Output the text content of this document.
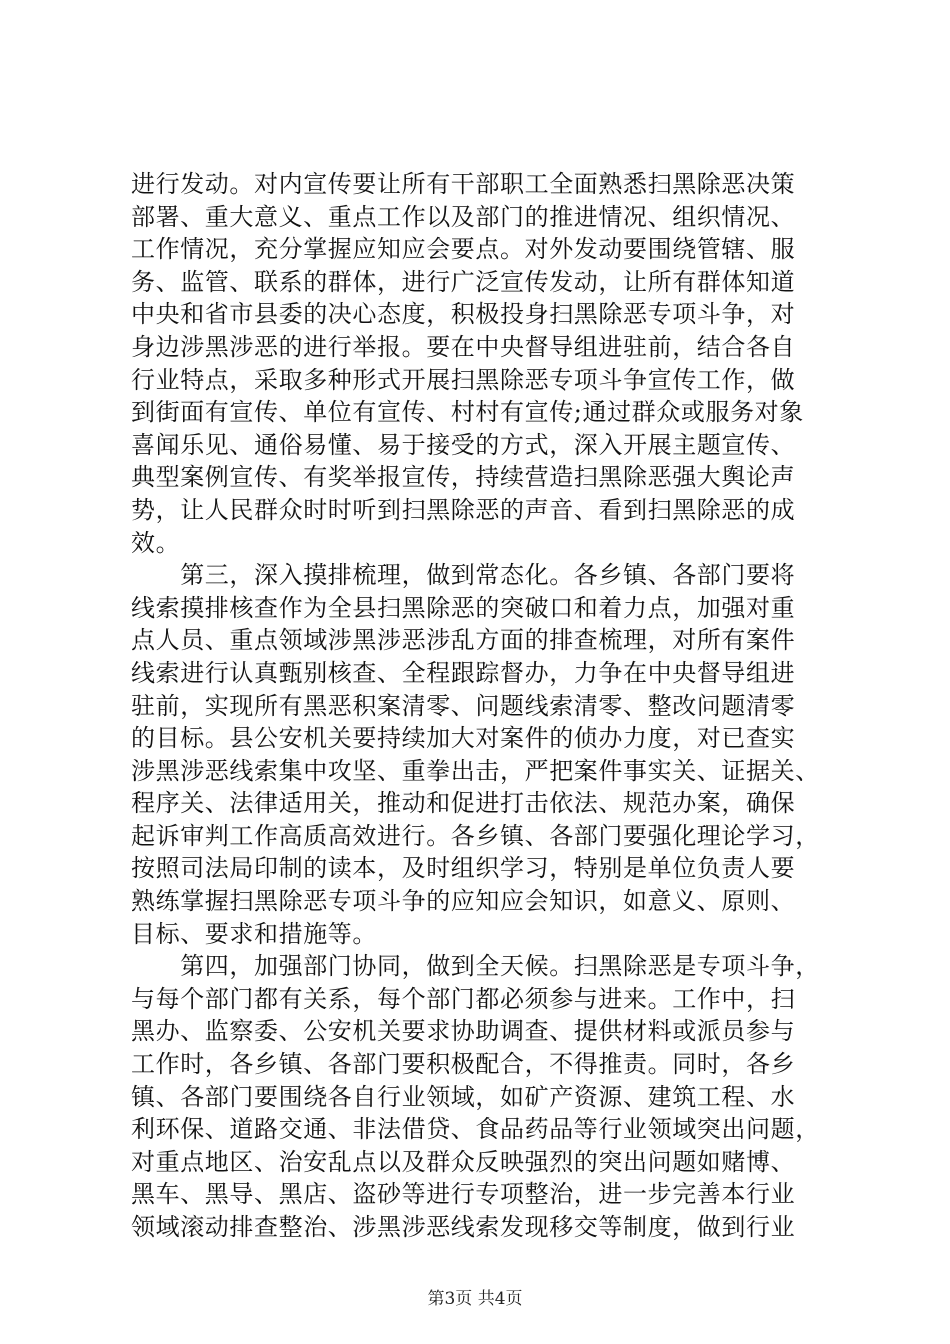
进行发动。对内宣传要让所有干部职工全面熟悉扫黑除恶决策
部署、重大意义、重点工作以及部门的推进情况、组织情况、
工作情况，充分掌握应知应会要点。对外发动要围绕管辖、服
务、监管、联系的群体，进行广泛宣传发动，让所有群体知道
中央和省市县委的决心态度，积极投身扫黑除恶专项斗争，对
身边涉黑涉恶的进行举报。要在中央督导组进驻前，结合各自
行业特点，采取多种形式开展扫黑除恶专项斗争宣传工作，做
到街面有宣传、单位有宣传、村村有宣传;通过群众或服务对象
喜闻乐见、通俗易懂、易于接受的方式，深入开展主题宣传、
典型案例宣传、有奖举报宣传，持续营造扫黑除恶强大舆论声
势，让人民群众时时听到扫黑除恶的声音、看到扫黑除恶的成
效。
　　第三，深入摸排梳理，做到常态化。各乡镇、各部门要将
线索摸排核查作为全县扫黑除恶的突破口和着力点，加强对重
点人员、重点领域涉黑涉恶涉乱方面的排查梳理，对所有案件
线索进行认真甄别核查、全程跟踪督办，力争在中央督导组进
驻前，实现所有黑恶积案清零、问题线索清零、整改问题清零
的目标。县公安机关要持续加大对案件的侦办力度，对已查实
涉黑涉恶线索集中攻坚、重拳出击，严把案件事实关、证据关、
程序关、法律适用关，推动和促进打击依法、规范办案，确保
起诉审判工作高质高效进行。各乡镇、各部门要强化理论学习，
按照司法局印制的读本，及时组织学习，特别是单位负责人要
熟练掌握扫黑除恶专项斗争的应知应会知识，如意义、原则、
目标、要求和措施等。
　　第四，加强部门协同，做到全天候。扫黑除恶是专项斗争，
与每个部门都有关系，每个部门都必须参与进来。工作中，扫
黑办、监察委、公安机关要求协助调查、提供材料或派员参与
工作时，各乡镇、各部门要积极配合，不得推责。同时，各乡
镇、各部门要围绕各自行业领域，如矿产资源、建筑工程、水
利环保、道路交通、非法借贷、食品药品等行业领域突出问题，
对重点地区、治安乱点以及群众反映强烈的突出问题如赌博、
黑车、黑导、黑店、盗砂等进行专项整治，进一步完善本行业
领域滚动排查整治、涉黑涉恶线索发现移交等制度，做到行业
第3页 共4页
